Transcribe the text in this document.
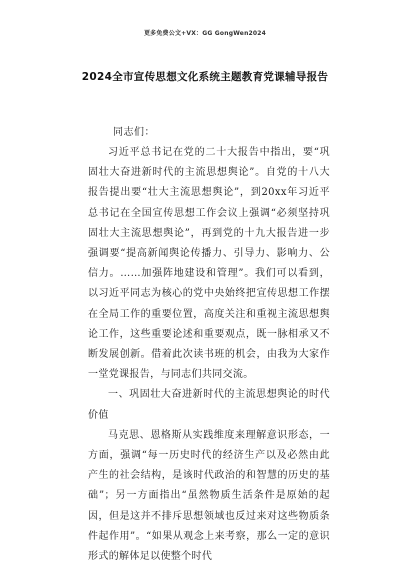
更多免费公文+VX：GG GongWen2024
2024全市宣传思想文化系统主题教育党课辅导报告
同志们：

习近平总书记在党的二十大报告中指出，要“巩固壮大奋进新时代的主流思想舆论”。自党的十八大报告提出要“壮大主流思想舆论”，到20xx年习近平总书记在全国宣传思想工作会议上强调“必须坚持巩固壮大主流思想舆论”，再到党的十九大报告进一步强调要“提高新闻舆论传播力、引导力、影响力、公信力。……加强阵地建设和管理”。我们可以看到，以习近平同志为核心的党中央始终把宣传思想工作摆在全局工作的重要位置，高度关注和重视主流思想舆论工作，这些重要论述和重要观点，既一脉相承又不断发展创新。借着此次读书班的机会，由我为大家作一堂党课报告，与同志们共同交流。

一、巩固壮大奋进新时代的主流思想舆论的时代价值

马克思、恩格斯从实践维度来理解意识形态，一方面，强调“每一历史时代的经济生产以及必然由此产生的社会结构，是该时代政治的和智慧的历史的基础”；另一方面指出“虽然物质生活条件是原始的起因，但是这并不排斥思想领域也反过来对这些物质条件起作用”。“如果从观念上来考察，那么一定的意识形式的解体足以使整个时代
